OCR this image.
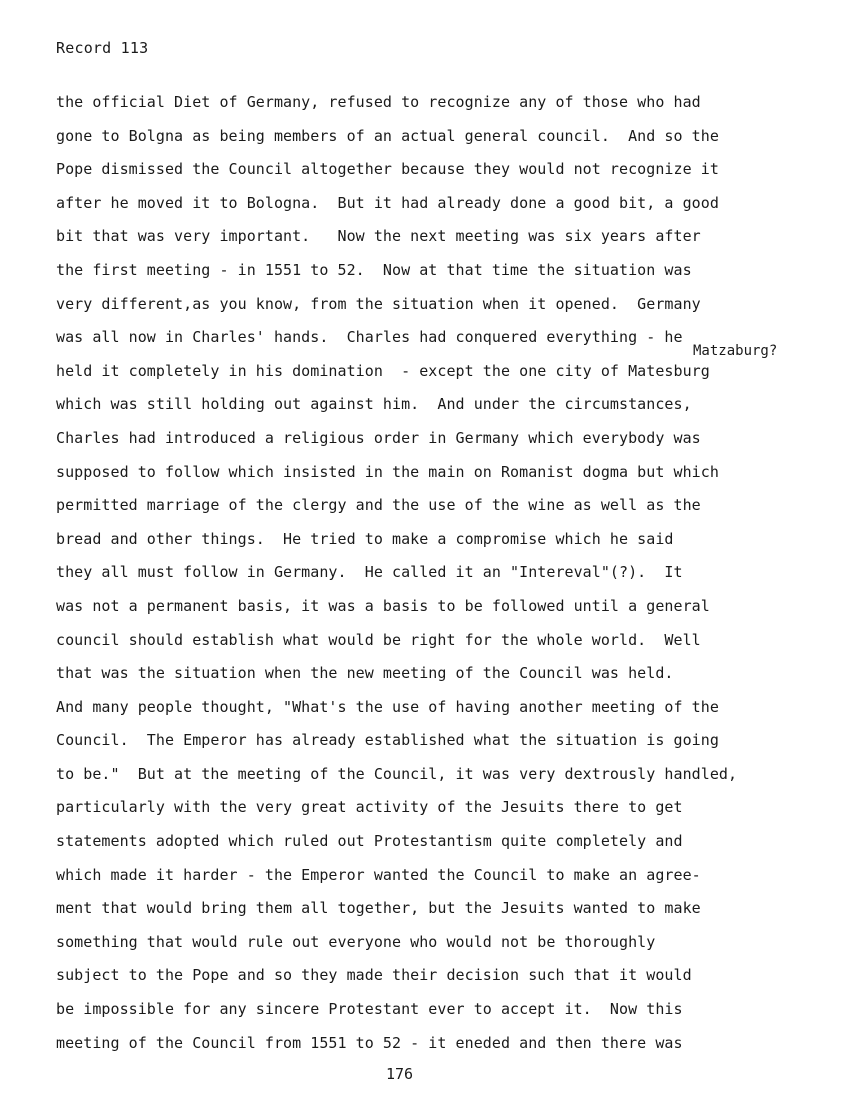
Record 113
Matzaburg?
the official Diet of Germany, refused to recognize any of those who had
gone to Bolgna as being members of an actual general council.  And so the
Pope dismissed the Council altogether because they would not recognize it
after he moved it to Bologna.  But it had already done a good bit, a good
bit that was very important.   Now the next meeting was six years after
the first meeting - in 1551 to 52.  Now at that time the situation was
very different,as you know, from the situation when it opened.  Germany
was all now in Charles' hands.  Charles had conquered everything - he
held it completely in his domination  - except the one city of Matesburg
which was still holding out against him.  And under the circumstances,
Charles had introduced a religious order in Germany which everybody was
supposed to follow which insisted in the main on Romanist dogma but which
permitted marriage of the clergy and the use of the wine as well as the
bread and other things.  He tried to make a compromise which he said
they all must follow in Germany.  He called it an "Intereval"(?).  It
was not a permanent basis, it was a basis to be followed until a general
council should establish what would be right for the whole world.  Well
that was the situation when the new meeting of the Council was held.
And many people thought, "What's the use of having another meeting of the
Council.  The Emperor has already established what the situation is going
to be."  But at the meeting of the Council, it was very dextrously handled,
particularly with the very great activity of the Jesuits there to get
statements adopted which ruled out Protestantism quite completely and
which made it harder - the Emperor wanted the Council to make an agree-
ment that would bring them all together, but the Jesuits wanted to make
something that would rule out everyone who would not be thoroughly
subject to the Pope and so they made their decision such that it would
be impossible for any sincere Protestant ever to accept it.  Now this
meeting of the Council from 1551 to 52 - it eneded and then there was
176
